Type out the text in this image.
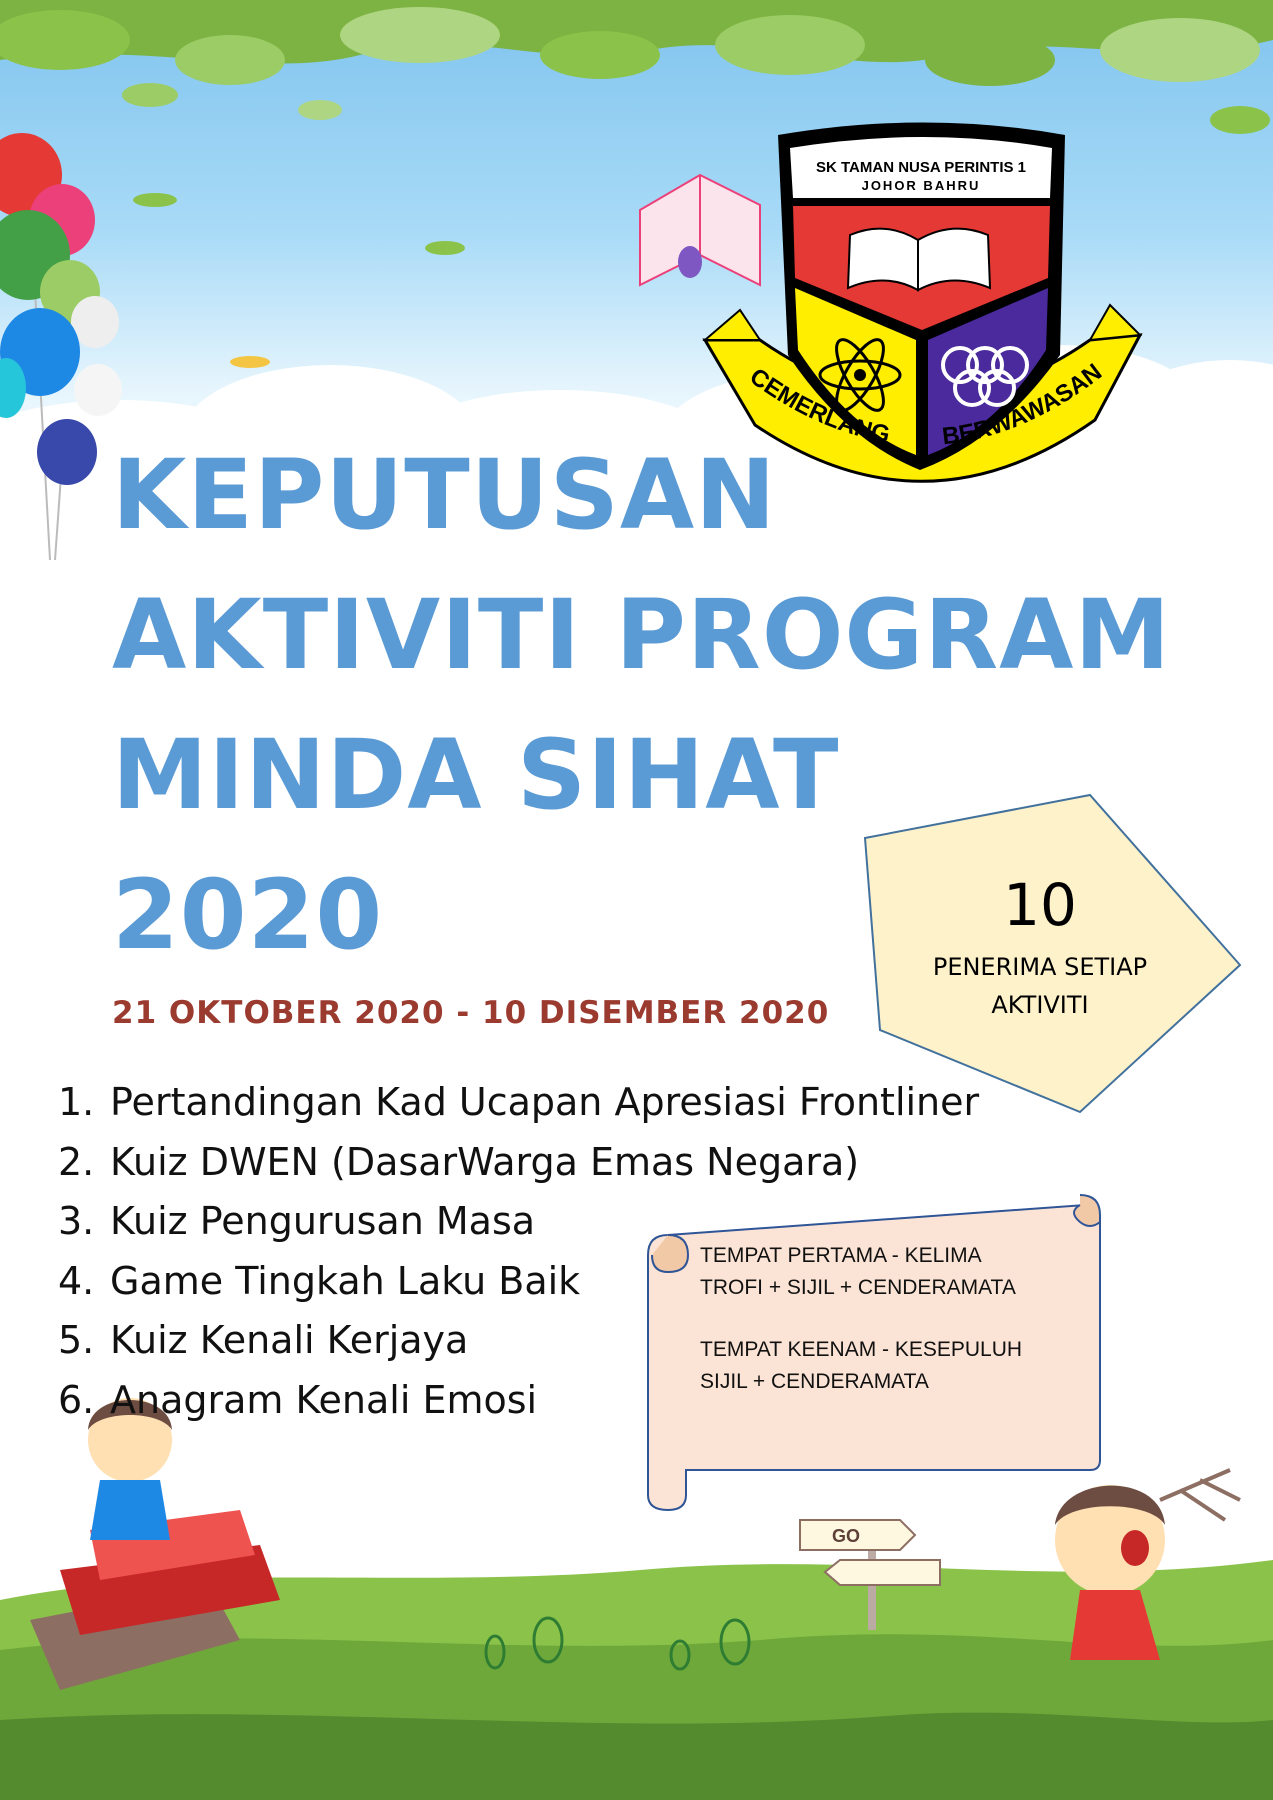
SK TAMAN NUSA PERINTIS 1
JOHOR BAHRU
CEMERLANG BERWAWASAN
KEPUTUSAN
AKTIVITI PROGRAM
MINDA SIHAT
2020
21 OKTOBER 2020 - 10 DISEMBER 2020
10
PENERIMA SETIAP
AKTIVITI
1. Pertandingan Kad Ucapan Apresiasi Frontliner
2. Kuiz DWEN (DasarWarga Emas Negara)
3. Kuiz Pengurusan Masa
4. Game Tingkah Laku Baik
5. Kuiz Kenali Kerjaya
6. Anagram Kenali Emosi
TEMPAT PERTAMA - KELIMA
TROFI + SIJIL + CENDERAMATA
TEMPAT KEENAM - KESEPULUH
SIJIL + CENDERAMATA
GO
